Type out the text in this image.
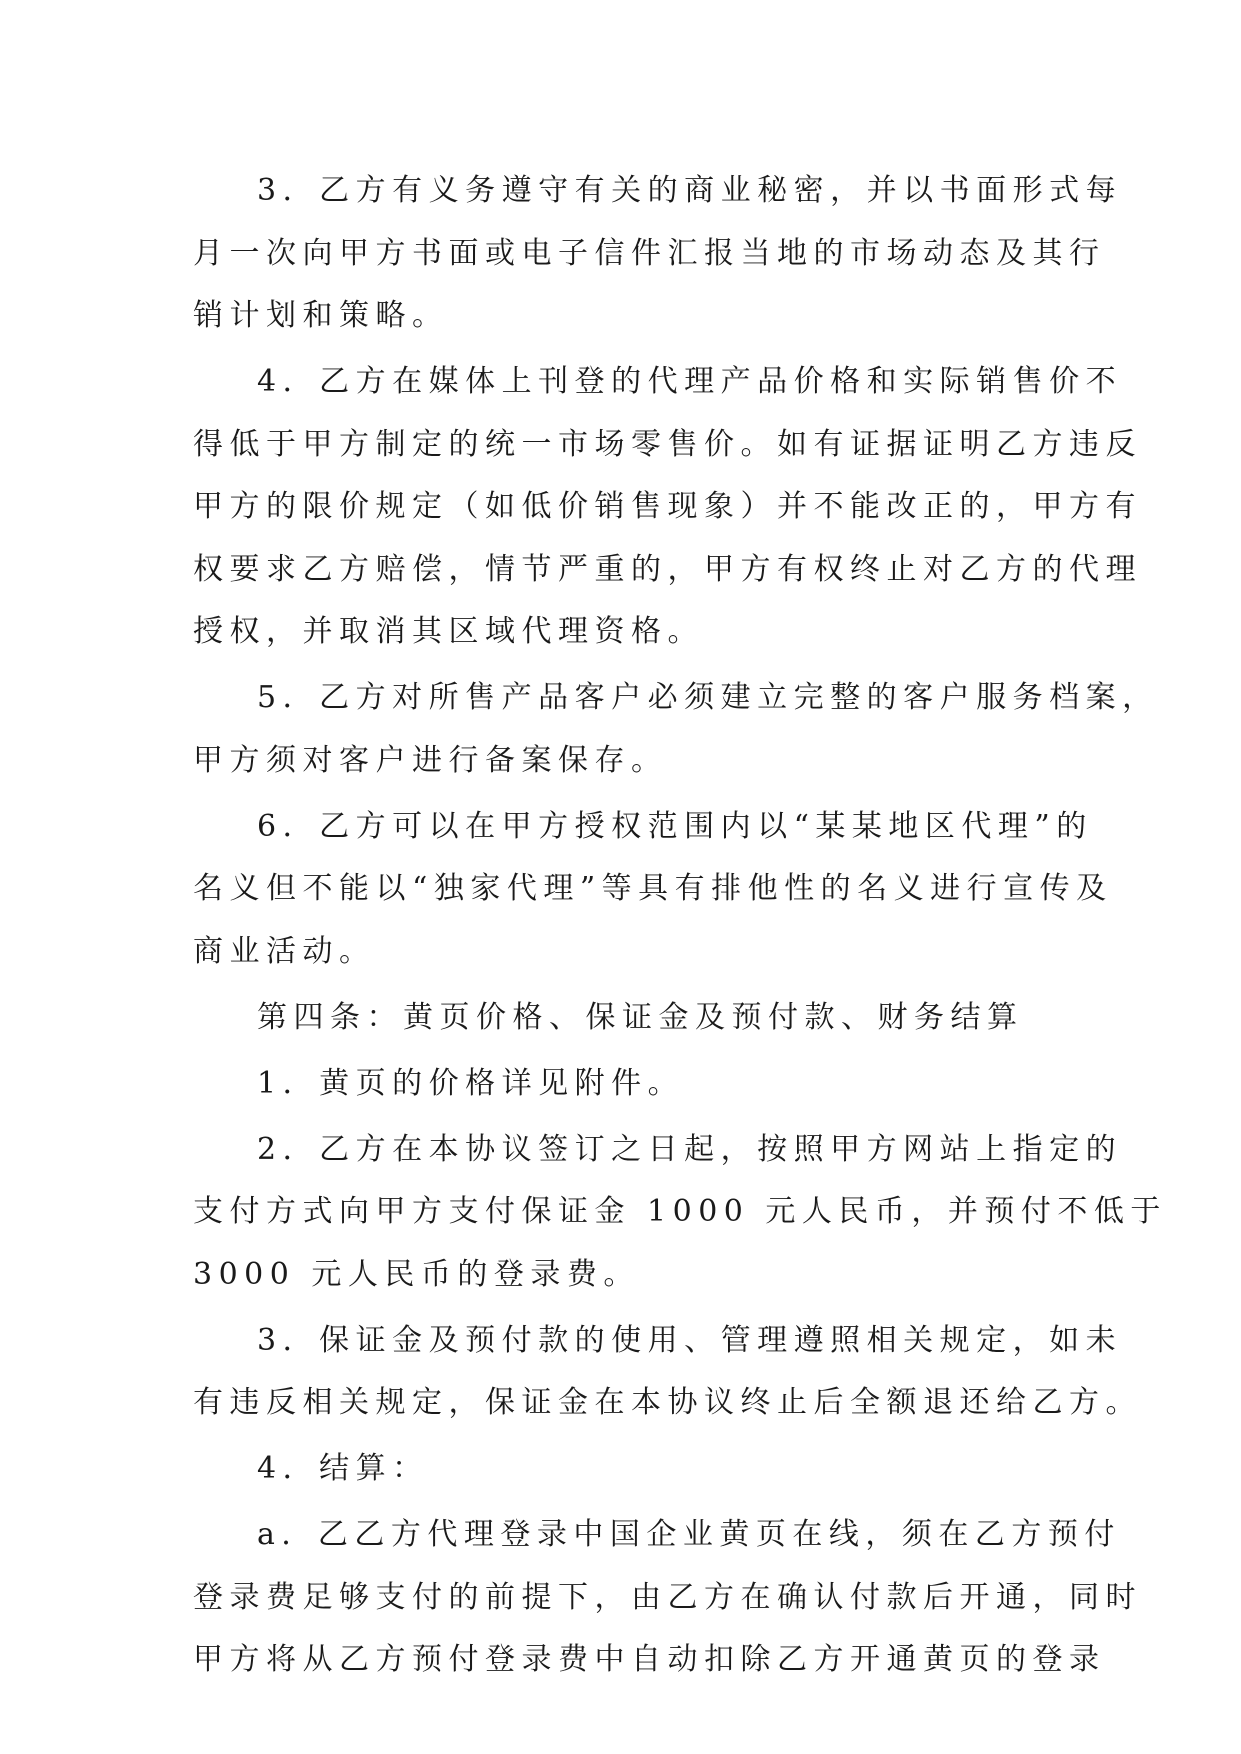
3．乙方有义务遵守有关的商业秘密，并以书面形式每
月一次向甲方书面或电子信件汇报当地的市场动态及其行
销计划和策略。
4．乙方在媒体上刊登的代理产品价格和实际销售价不
得低于甲方制定的统一市场零售价。如有证据证明乙方违反
甲方的限价规定（如低价销售现象）并不能改正的，甲方有
权要求乙方赔偿，情节严重的，甲方有权终止对乙方的代理
授权，并取消其区域代理资格。
5．乙方对所售产品客户必须建立完整的客户服务档案，
甲方须对客户进行备案保存。
6．乙方可以在甲方授权范围内以“某某地区代理”的
名义但不能以“独家代理”等具有排他性的名义进行宣传及
商业活动。
第四条：黄页价格、保证金及预付款、财务结算
1．黄页的价格详见附件。
2．乙方在本协议签订之日起，按照甲方网站上指定的
支付方式向甲方支付保证金 1000 元人民币，并预付不低于
3000 元人民币的登录费。
3．保证金及预付款的使用、管理遵照相关规定，如未
有违反相关规定，保证金在本协议终止后全额退还给乙方。
4．结算：
a．乙乙方代理登录中国企业黄页在线，须在乙方预付
登录费足够支付的前提下，由乙方在确认付款后开通，同时
甲方将从乙方预付登录费中自动扣除乙方开通黄页的登录
